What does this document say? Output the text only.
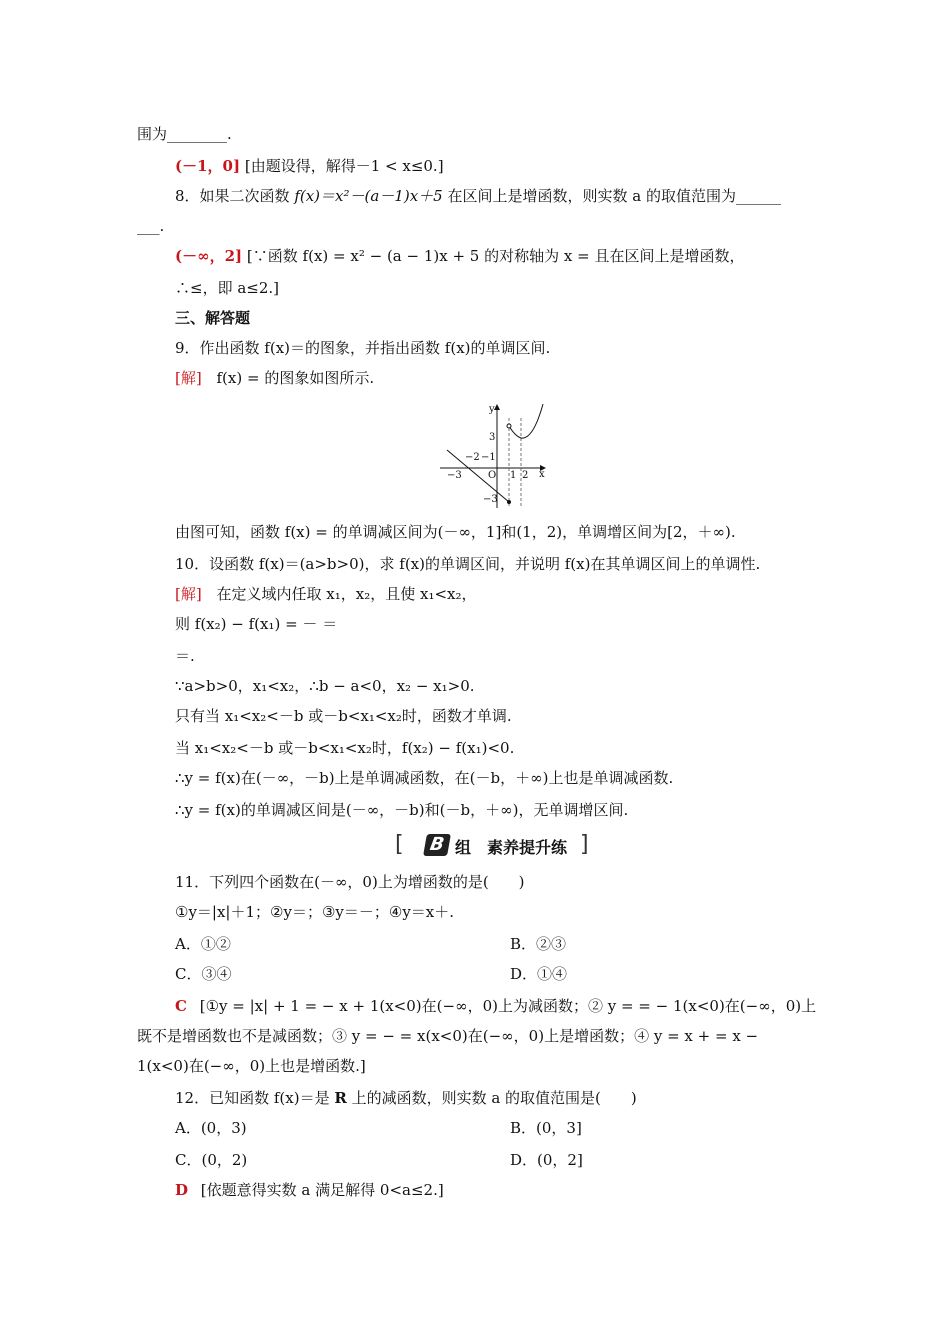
围为________.
(－1，0] [由题设得，解得－1 < x≤0.]
8．如果二次函数 f(x)＝x²－(a－1)x＋5 在区间上是增函数，则实数 a 的取值范围为______
___.
(－∞，2] [∵函数 f(x) = x² − (a − 1)x + 5 的对称轴为 x = 且在区间上是增函数，
∴≤，即 a≤2.]
三、解答题
9．作出函数 f(x)＝的图象，并指出函数 f(x)的单调区间.
[解] f(x) = 的图象如图所示.
y
x
O
3
−3
−3
−2 −1
1 2
由图可知，函数 f(x) = 的单调减区间为(－∞，1]和(1，2)，单调增区间为[2，＋∞).
10．设函数 f(x)＝(a>b>0)，求 f(x)的单调区间，并说明 f(x)在其单调区间上的单调性.
[解] 在定义域内任取 x₁，x₂，且使 x₁<x₂，
则 f(x₂) − f(x₁) = － ＝
＝.
∵a>b>0，x₁<x₂，∴b − a<0，x₂ − x₁>0.
只有当 x₁<x₂<－b 或－b<x₁<x₂时，函数才单调.
当 x₁<x₂<－b 或－b<x₁<x₂时，f(x₂) − f(x₁)<0.
∴y = f(x)在(－∞，－b)上是单调减函数，在(－b，＋∞)上也是单调减函数.
∴y = f(x)的单调减区间是(－∞，－b)和(－b，＋∞)，无单调增区间.
[ B 组　素养提升练 ]
11．下列四个函数在(－∞，0)上为增函数的是(　　)
①y＝|x|＋1；②y＝；③y＝－；④y＝x＋.
A．①②	B．②③
C．③④	D．①④
C [①y = |x| + 1 = − x + 1(x<0)在(−∞，0)上为减函数；② y = = − 1(x<0)在(−∞，0)上
既不是增函数也不是减函数；③ y = − = x(x<0)在(−∞，0)上是增函数；④ y = x + = x −
1(x<0)在(−∞，0)上也是增函数.]
12．已知函数 f(x)＝是 R 上的减函数，则实数 a 的取值范围是(　　)
A．(0，3)	B．(0，3]
C．(0，2)	D．(0，2]
D [依题意得实数 a 满足解得 0<a≤2.]
